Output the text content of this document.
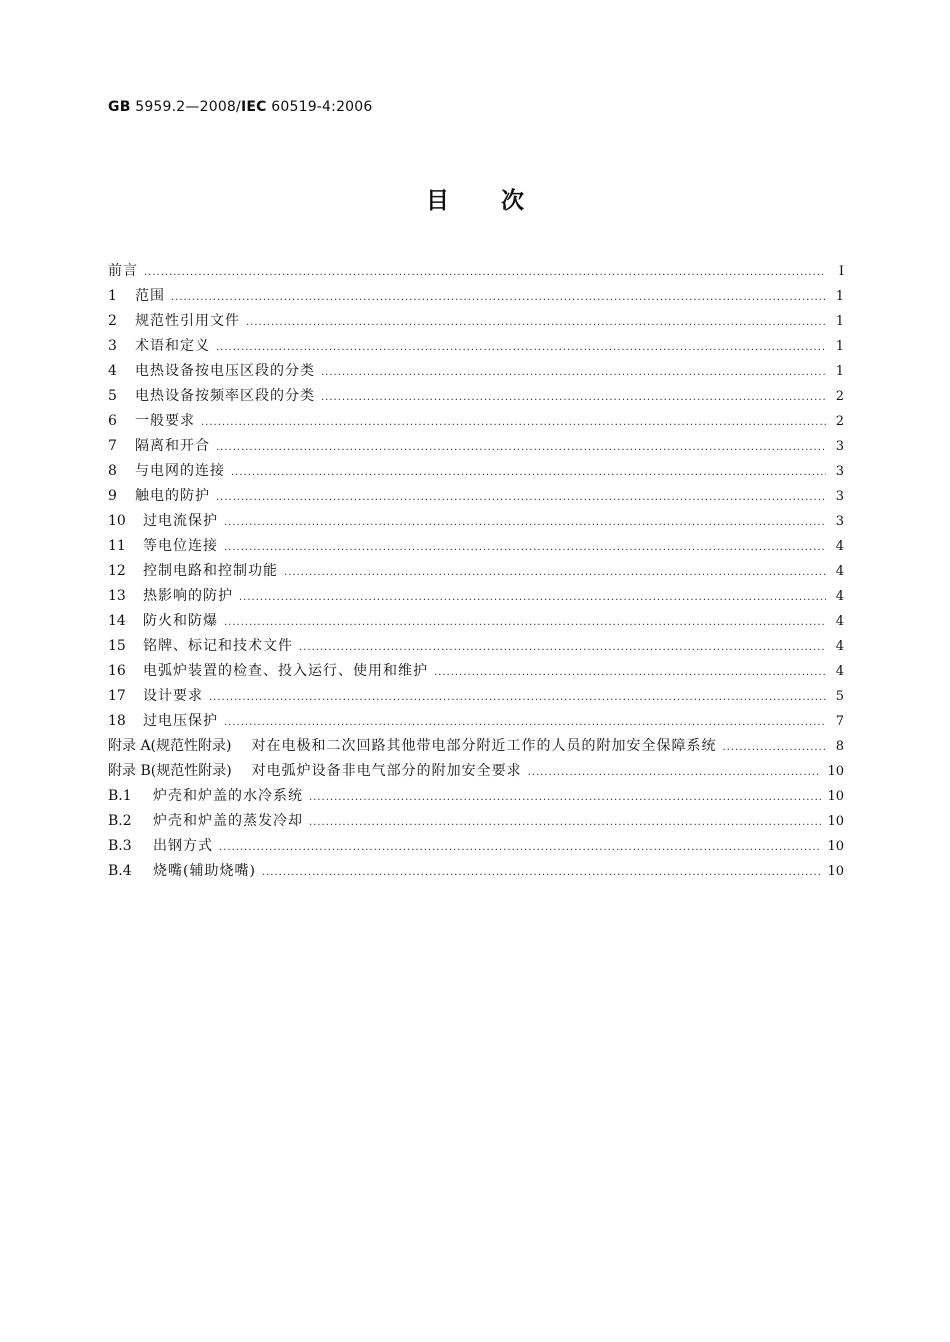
GB 5959.2—2008/IEC 60519-4:2006
目 次
前言 .....	Ⅰ
1	范围 .....	1
2	规范性引用文件 .....	1
3	术语和定义 .....	1
4	电热设备按电压区段的分类 .....	1
5	电热设备按频率区段的分类 .....	2
6	一般要求 .....	2
7	隔离和开合 .....	3
8	与电网的连接 .....	3
9	触电的防护 .....	3
10	过电流保护 .....	3
11	等电位连接 .....	4
12	控制电路和控制功能 .....	4
13	热影响的防护 .....	4
14	防火和防爆 .....	4
15	铭牌、标记和技术文件 .....	4
16	电弧炉装置的检查、投入运行、使用和维护 .....	4
17	设计要求 .....	5
18	过电压保护 .....	7
附录 A(规范性附录) 对在电极和二次回路其他带电部分附近工作的人员的附加安全保障系统 .....	8
附录 B(规范性附录) 对电弧炉设备非电气部分的附加安全要求 .....	10
B.1	炉壳和炉盖的水冷系统 .....	10
B.2	炉壳和炉盖的蒸发冷却 .....	10
B.3	出钢方式 .....	10
B.4	烧嘴(辅助烧嘴) .....	10
